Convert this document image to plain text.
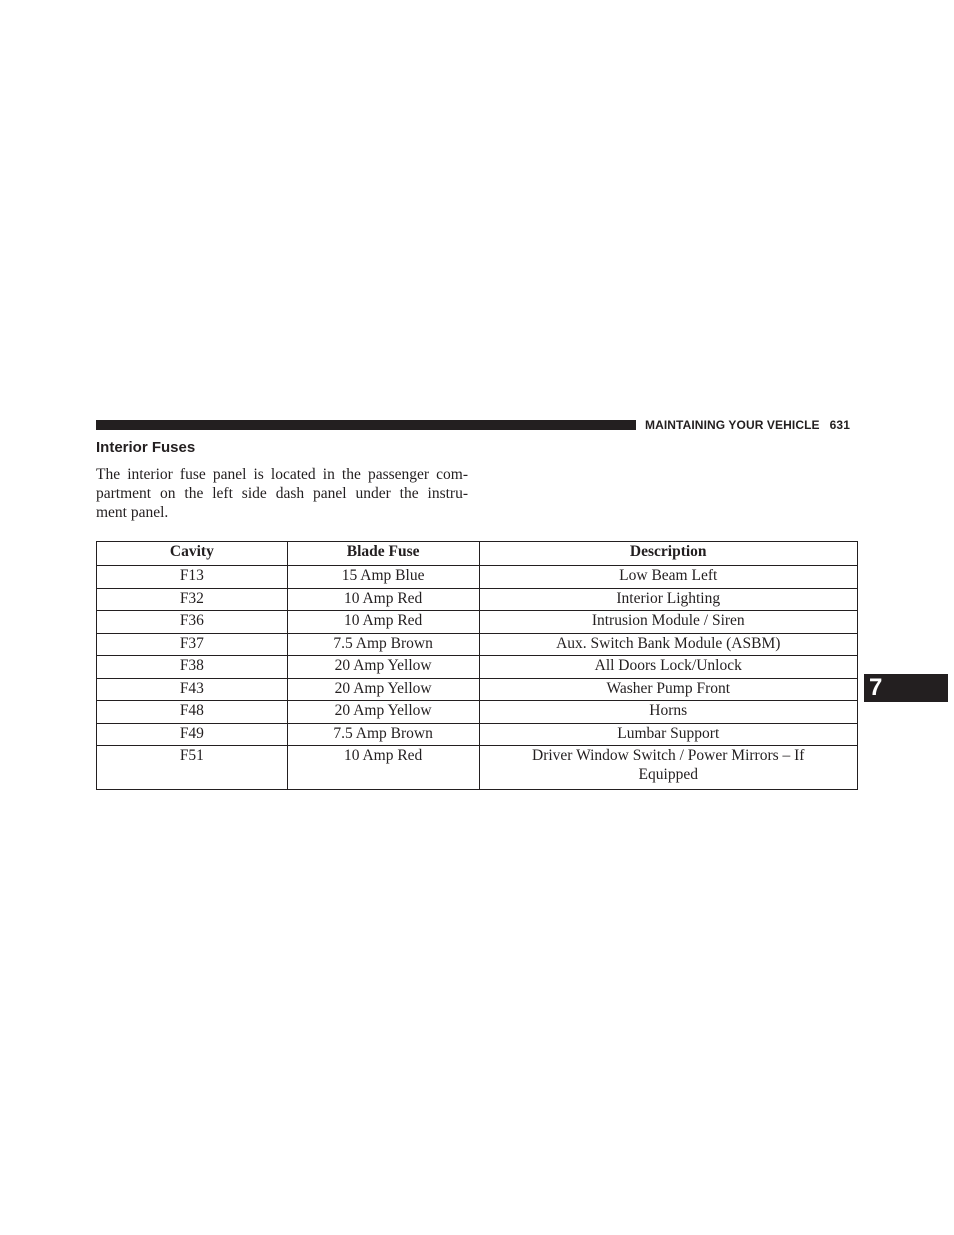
MAINTAINING YOUR VEHICLE 631
Interior Fuses
The interior fuse panel is located in the passenger com-
partment on the left side dash panel under the instru-
ment panel.
Cavity	Blade Fuse	Description
F13	15 Amp Blue	Low Beam Left
F32	10 Amp Red	Interior Lighting
F36	10 Amp Red	Intrusion Module / Siren
F37	7.5 Amp Brown	Aux. Switch Bank Module (ASBM)
F38	20 Amp Yellow	All Doors Lock/Unlock
F43	20 Amp Yellow	Washer Pump Front
F48	20 Amp Yellow	Horns
F49	7.5 Amp Brown	Lumbar Support
F51	10 Amp Red	Driver Window Switch / Power Mirrors – If
Equipped
7
